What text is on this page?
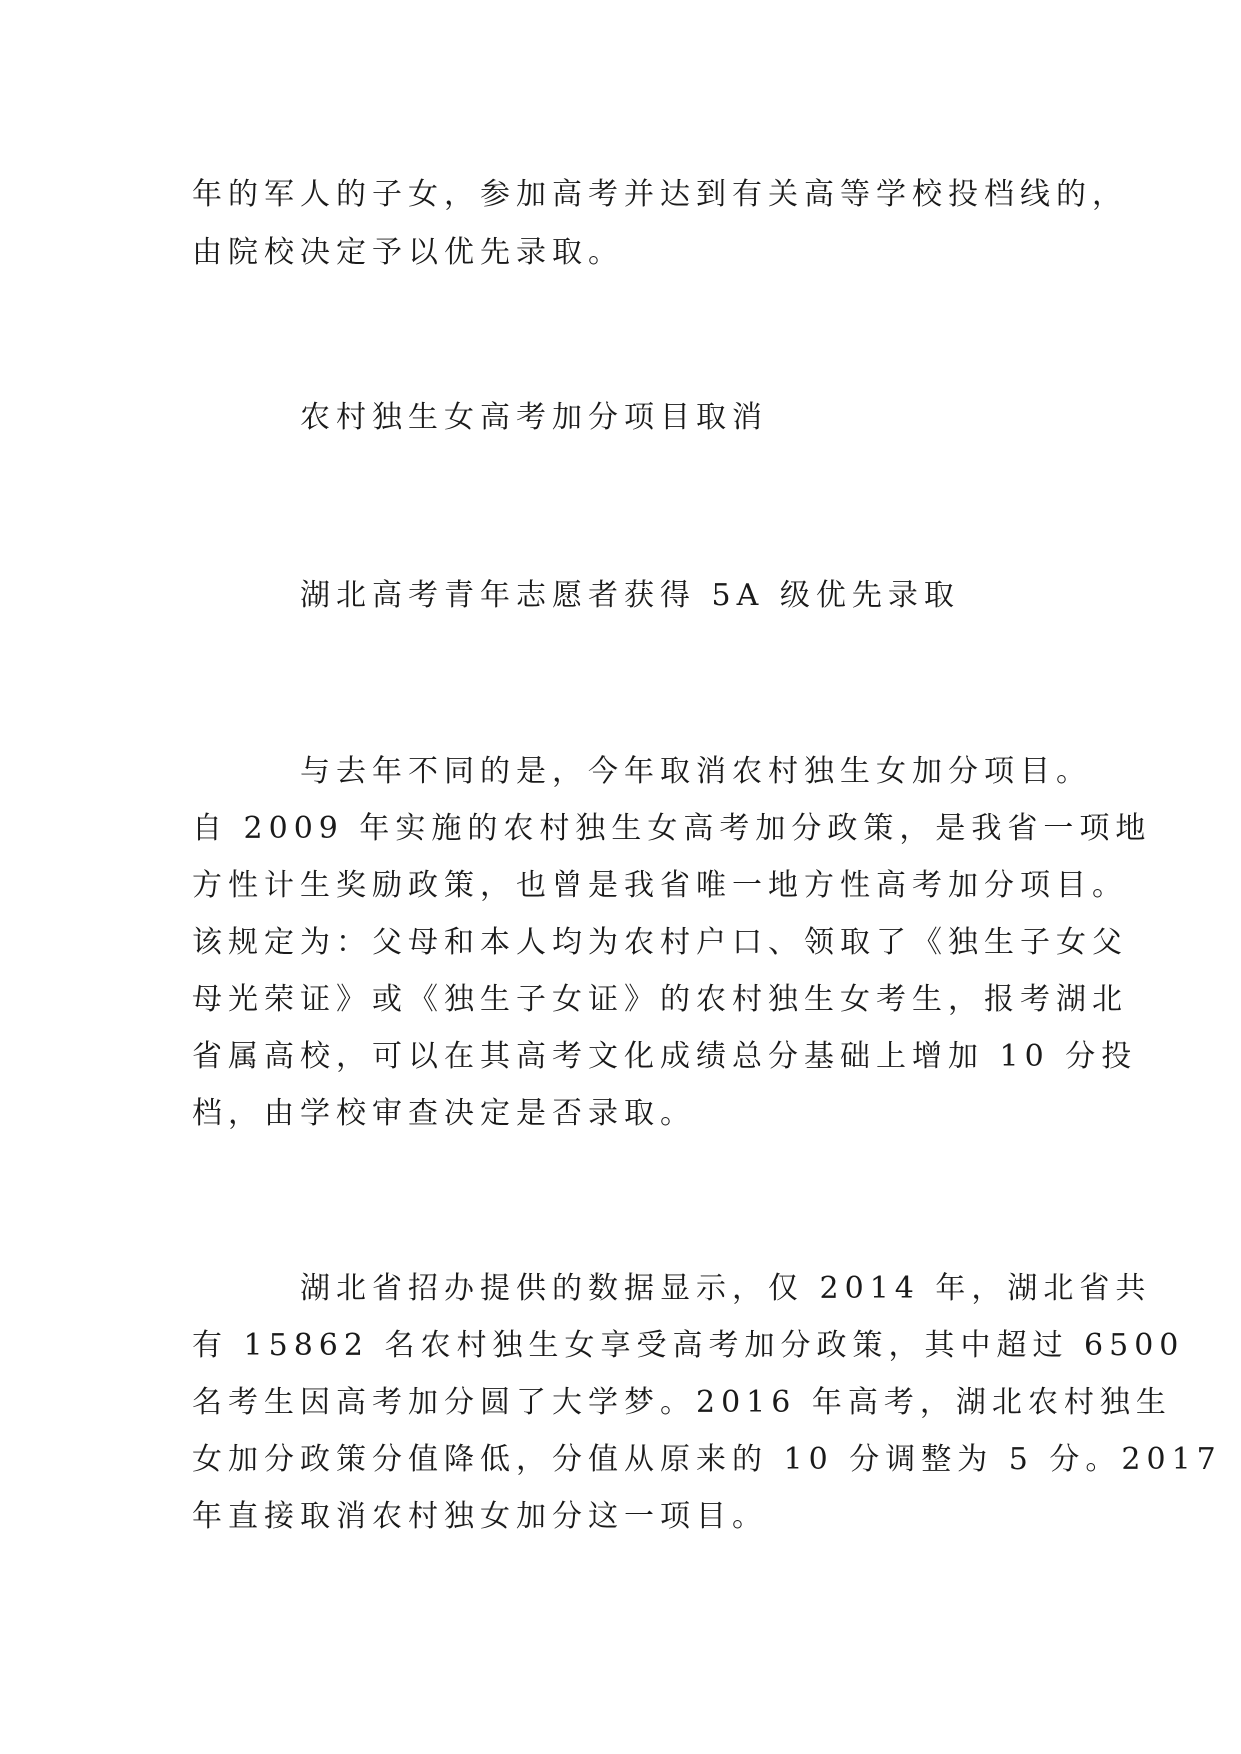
年的军人的子女，参加高考并达到有关高等学校投档线的，
由院校决定予以优先录取。
农村独生女高考加分项目取消
湖北高考青年志愿者获得 5A 级优先录取
与去年不同的是，今年取消农村独生女加分项目。
自 2009 年实施的农村独生女高考加分政策，是我省一项地
方性计生奖励政策，也曾是我省唯一地方性高考加分项目。
该规定为：父母和本人均为农村户口、领取了《独生子女父
母光荣证》或《独生子女证》的农村独生女考生，报考湖北
省属高校，可以在其高考文化成绩总分基础上增加 10 分投
档，由学校审查决定是否录取。
湖北省招办提供的数据显示，仅 2014 年，湖北省共
有 15862 名农村独生女享受高考加分政策，其中超过 6500
名考生因高考加分圆了大学梦。2016 年高考，湖北农村独生
女加分政策分值降低，分值从原来的 10 分调整为 5 分。2017
年直接取消农村独女加分这一项目。
